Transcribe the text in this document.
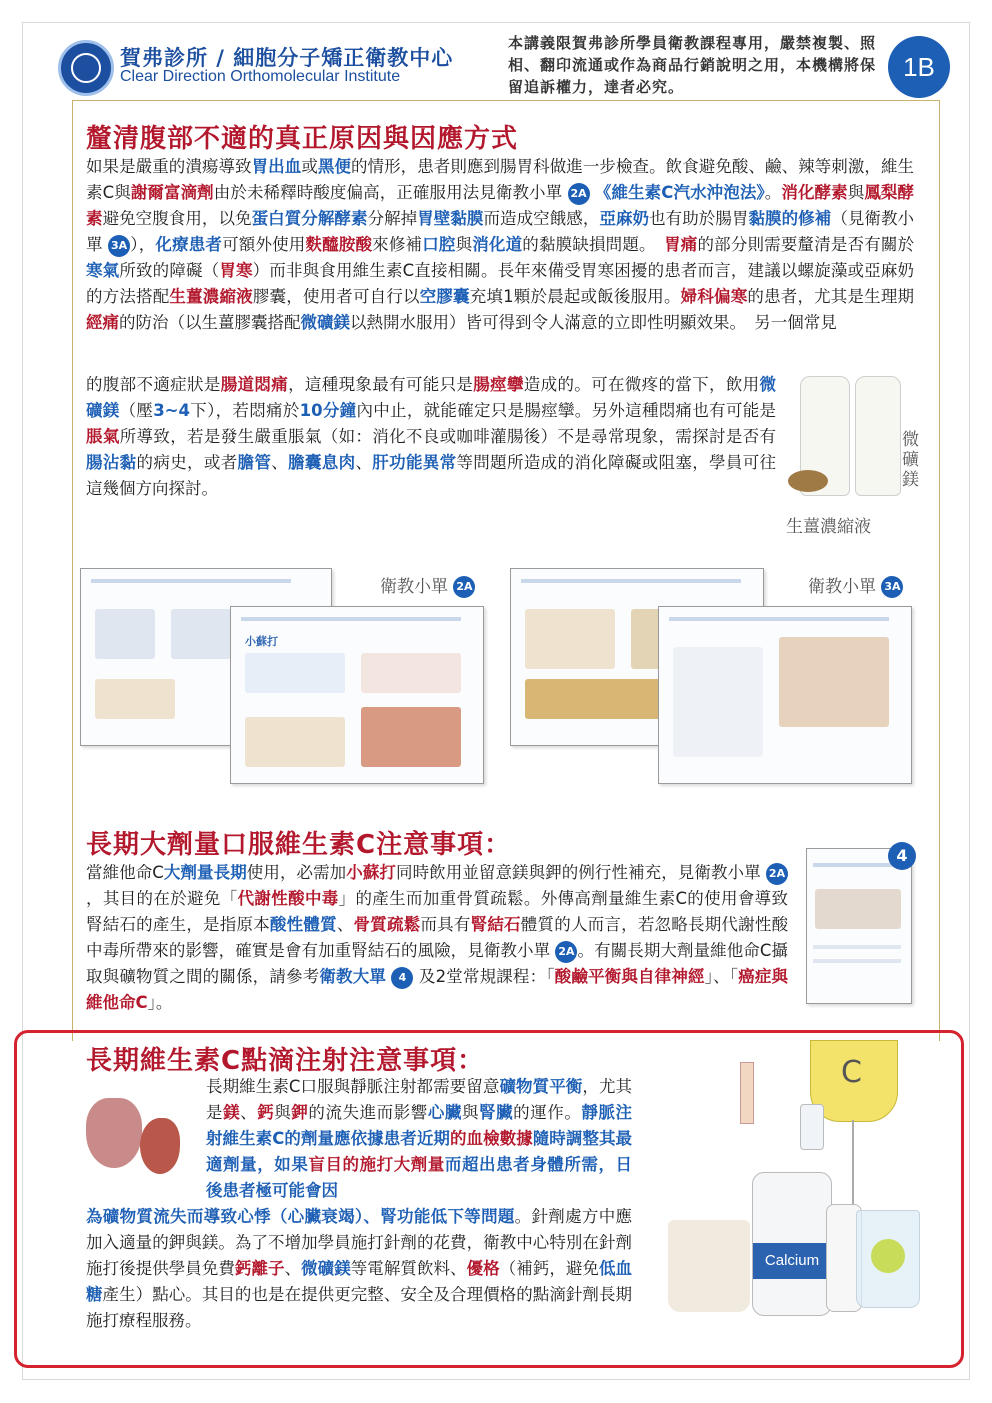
賀弗診所 / 細胞分子矯正衛教中心
Clear Direction Orthomolecular Institute
本講義限賀弗診所學員衛教課程專用，嚴禁複製、照相、翻印流通或作為商品行銷說明之用，本機構將保留追訴權力，達者必究。
1B
釐清腹部不適的真正原因與因應方式
如果是嚴重的潰瘍導致胃出血或黑便的情形，患者則應到腸胃科做進一步檢查。飲食避免酸、鹼、辣等刺激，維生素C與謝爾富滴劑由於未稀釋時酸度偏高，正確服用法見衛教小單 2A 《維生素C汽水沖泡法》。消化酵素與鳳梨酵素避免空腹食用，以免蛋白質分解酵素分解掉胃壁黏膜而造成空餓感，亞麻奶也有助於腸胃黏膜的修補（見衛教小單 3A ），化療患者可額外使用麩醯胺酸來修補口腔與消化道的黏膜缺損問題。　胃痛的部分則需要釐清是否有關於寒氣所致的障礙（胃寒）而非與食用維生素C直接相關。長年來備受胃寒困擾的患者而言，建議以螺旋藻或亞麻奶的方法搭配生薑濃縮液膠囊，使用者可自行以空膠囊充填1顆於晨起或飯後服用。婦科偏寒的患者，尤其是生理期經痛的防治（以生薑膠囊搭配微礦鎂以熱開水服用）皆可得到令人滿意的立即性明顯效果。　另一個常見
的腹部不適症狀是腸道悶痛，這種現象最有可能只是腸痙攣造成的。可在微疼的當下，飲用微礦鎂（壓3~4下），若悶痛於10分鐘內中止，就能確定只是腸痙攣。另外這種悶痛也有可能是脹氣所導致，若是發生嚴重脹氣（如：消化不良或咖啡灌腸後）不是尋常現象，需探討是否有腸沾黏的病史，或者膽管、膽囊息肉、肝功能異常等問題所造成的消化障礙或阻塞，學員可往這幾個方向探討。
微礦鎂
生薑濃縮液
小蘇打
衛教小單 2A	衛教小單 3A
長期大劑量口服維生素C注意事項：
當維他命C大劑量長期使用，必需加小蘇打同時飲用並留意鎂與鉀的例行性補充，見衛教小單 2A，其目的在於避免「代謝性酸中毒」的產生而加重骨質疏鬆。外傳高劑量維生素C的使用會導致腎結石的產生，是指原本酸性體質、骨質疏鬆而具有腎結石體質的人而言，若忽略長期代謝性酸中毒所帶來的影響，確實是會有加重腎結石的風險，見衛教小單 2A 。有關長期大劑量維他命C攝取與礦物質之間的關係，請參考衛教大單 4 及2堂常規課程：「酸鹼平衡與自律神經」、「癌症與維他命C」。
4
長期維生素C點滴注射注意事項：
長期維生素C口服與靜脈注射都需要留意礦物質平衡，尤其是鎂、鈣與鉀的流失進而影響心臟與腎臟的運作。靜脈注射維生素C的劑量應依據患者近期的血檢數據隨時調整其最適劑量，如果盲目的施打大劑量而超出患者身體所需，日後患者極可能會因
為礦物質流失而導致心悸（心臟衰竭）、腎功能低下等問題。針劑處方中應加入適量的鉀與鎂。為了不增加學員施打針劑的花費，衛教中心特別在針劑施打後提供學員免費鈣離子、微礦鎂等電解質飲料、優格（補鈣，避免低血糖產生）點心。其目的也是在提供更完整、安全及合理價格的點滴針劑長期施打療程服務。
C
Calcium
